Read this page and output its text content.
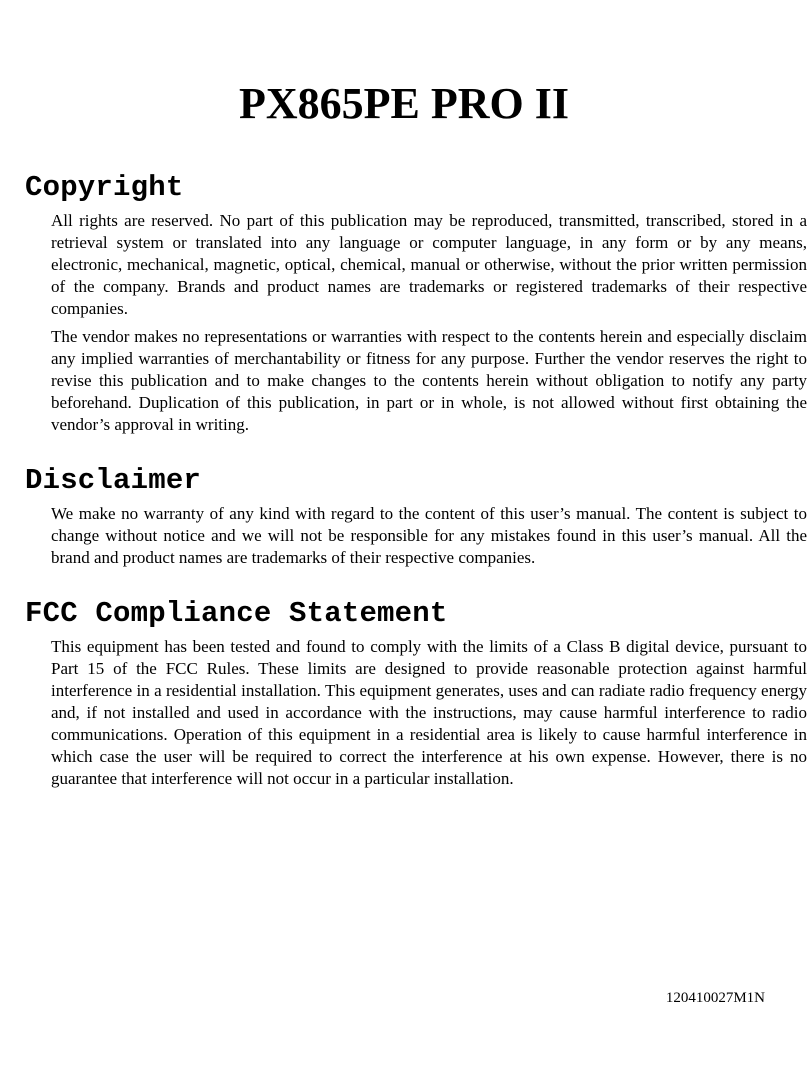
PX865PE PRO II
Copyright

All rights are reserved. No part of this publication may be reproduced, transmitted, transcribed, stored in a retrieval system or translated into any language or computer language, in any form or by any means, electronic, mechanical, magnetic, optical, chemical, manual or otherwise, without the prior written permission of the company. Brands and product names are trademarks or registered trademarks of their respective companies.

The vendor makes no representations or warranties with respect to the contents herein and especially disclaim any implied warranties of merchantability or fitness for any purpose. Further the vendor reserves the right to revise this publication and to make changes to the contents herein without obligation to notify any party beforehand. Duplication of this publication, in part or in whole, is not allowed without first obtaining the vendor’s approval in writing.

Disclaimer

We make no warranty of any kind with regard to the content of this user’s manual. The content is subject to change without notice and we will not be responsible for any mistakes found in this user’s manual. All the brand and product names are trademarks of their respective companies.

FCC Compliance Statement

This equipment has been tested and found to comply with the limits of a Class B digital device, pursuant to Part 15 of the FCC Rules. These limits are designed to provide reasonable protection against harmful interference in a residential installation. This equipment generates, uses and can radiate radio frequency energy and, if not installed and used in accordance with the instructions, may cause harmful interference to radio communications. Operation of this equipment in a residential area is likely to cause harmful interference in which case the user will be required to correct the interference at his own expense. However, there is no guarantee that interference will not occur in a particular installation.

120410027M1N
